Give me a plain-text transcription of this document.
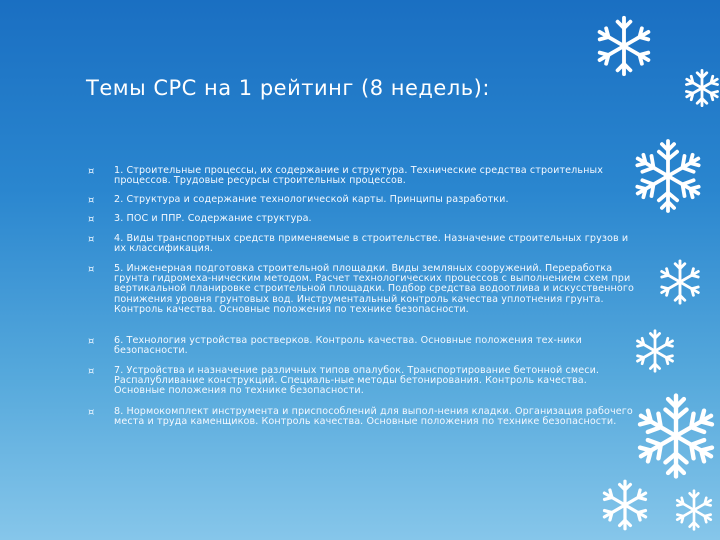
Темы СРС на 1 рейтинг (8 недель):
¤	1. Строительные процессы, их содержание и структура. Технические средства строительных процессов. Трудовые ресурсы строительных процессов.
¤	2. Структура и содержание технологической карты. Принципы разработки.
¤	3. ПОС и ППР. Содержание структура.
¤	4. Виды транспортных средств применяемые в строительстве. Назначение строительных грузов и их классификация.
¤	5. Инженерная подготовка строительной площадки. Виды земляных сооружений. Переработка грунта гидромеха-ническим методом. Расчет технологических процессов с выполнением схем при вертикальной планировке строительной площадки. Подбор средства водоотлива и искусственного понижения уровня грунтовых вод. Инструментальный контроль качества уплотнения грунта. Контроль качества. Основные положения по технике безопасности.
¤	6. Технология устройства ростверков. Контроль качества. Основные положения тех-ники безопасности.
¤	7. Устройства и назначение различных типов опалубок. Транспортирование бетонной смеси. Распалубливание конструкций. Специаль-ные методы бетонирования. Контроль качества. Основные положения по технике безопасности.
¤	8. Нормокомплект инструмента и приспособлений для выпол-нения кладки. Организация рабочего места и труда каменщиков. Контроль качества. Основные положения по технике безопасности.
